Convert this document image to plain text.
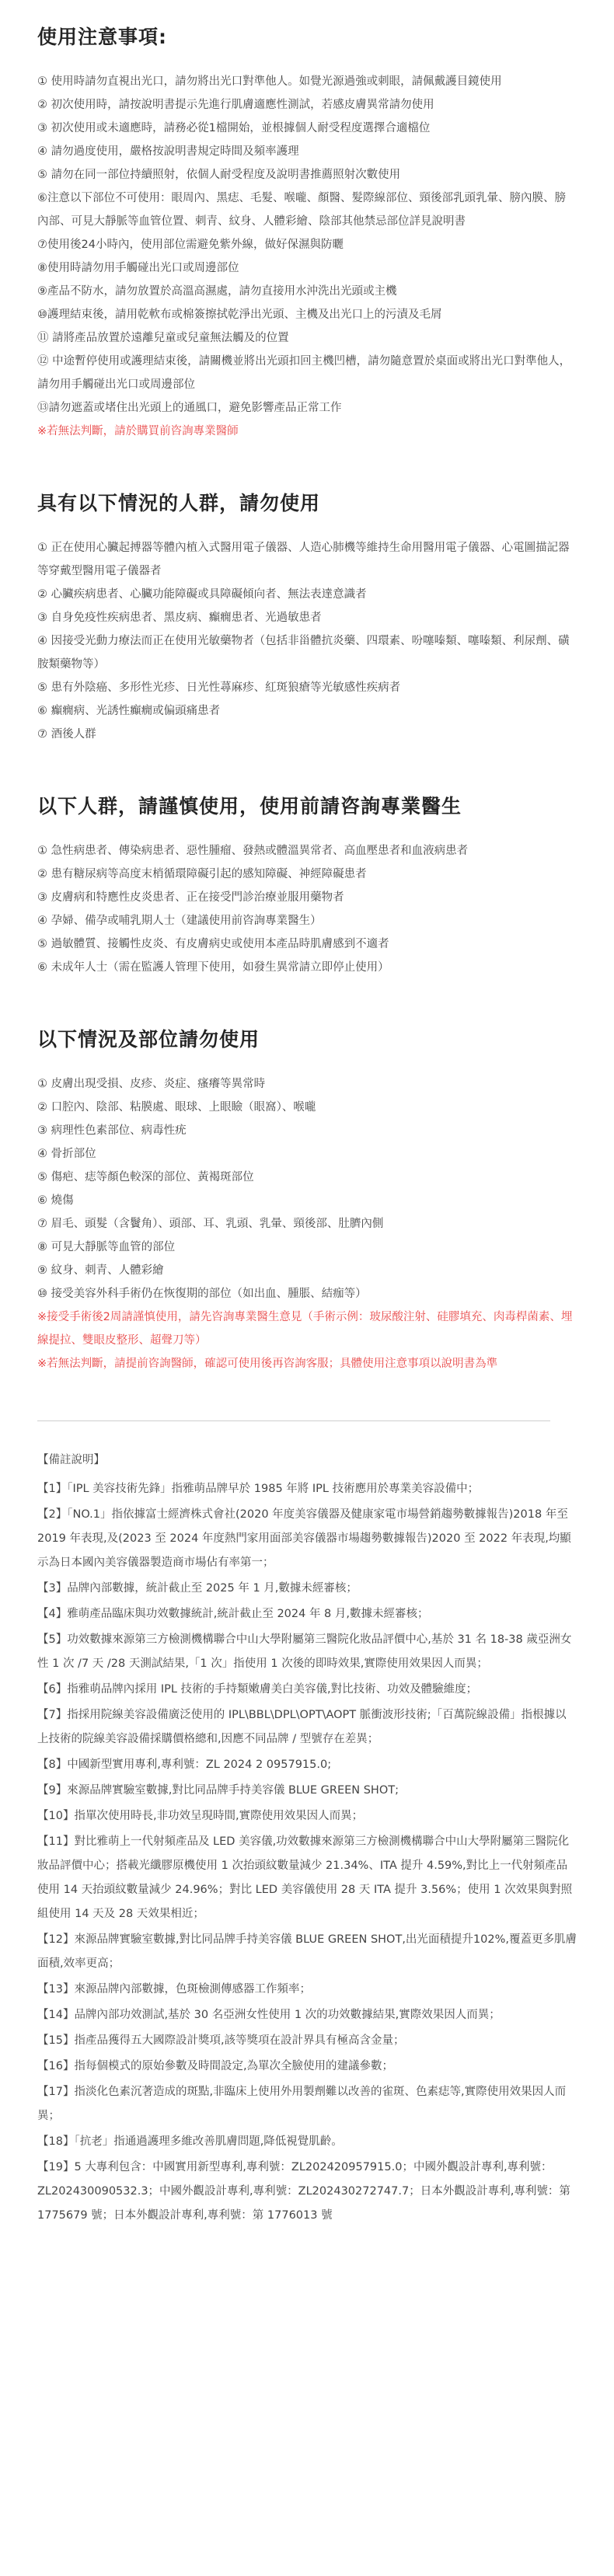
使用注意事項:
① 使用時請勿直視出光口，請勿將出光口對準他人。如覺光源過強或刺眼，請佩戴護目鏡使用
② 初次使用時，請按說明書提示先進行肌膚適應性測試，若感皮膚異常請勿使用
③ 初次使用或未適應時，請務必從1檔開始，並根據個人耐受程度選擇合適檔位
④ 請勿過度使用，嚴格按說明書規定時間及頻率護理
⑤ 請勿在同一部位持續照射，依個人耐受程度及說明書推薦照射次數使用
⑥注意以下部位不可使用：眼周內、黑痣、毛髮、喉嚨、顏醫、髮際線部位、頸後部乳頭乳暈、膀內膜、膀內部、可見大靜脈等血管位置、刺青、紋身、人體彩繪、陰部其他禁忌部位詳見說明書
⑦使用後24小時內，使用部位需避免紫外線，做好保濕與防曬
⑧使用時請勿用手觸碰出光口或周邊部位
⑨產品不防水，請勿放置於高溫高濕處，請勿直接用水沖洗出光頭或主機
⑩護理結束後，請用乾軟布或棉簽擦拭乾淨出光頭、主機及出光口上的污漬及毛屑
⑪ 請將產品放置於遠離兒童或兒童無法觸及的位置
⑫ 中途暫停使用或護理結束後，請關機並將出光頭扣回主機凹槽，請勿隨意置於桌面或將出光口對準他人，請勿用手觸碰出光口或周邊部位
⑬請勿遮蓋或堵住出光頭上的通風口，避免影響產品正常工作
※若無法判斷，請於購買前咨詢專業醫師
具有以下情況的人群，請勿使用
① 正在使用心臟起搏器等體內植入式醫用電子儀器、人造心肺機等維持生命用醫用電子儀器、心電圖描記器等穿戴型醫用電子儀器者
② 心臟疾病患者、心臟功能障礙或具障礙傾向者、無法表達意識者
③ 自身免疫性疾病患者、黑皮病、癲癇患者、光過敏患者
④ 因接受光動力療法而正在使用光敏藥物者（包括非甾體抗炎藥、四環素、吩噻嗪類、噻嗪類、利尿劑、磺胺類藥物等）
⑤ 患有外陰癌、多形性光疹、日光性蕁麻疹、紅斑狼瘡等光敏感性疾病者
⑥ 癲癇病、光誘性癲癇或偏頭痛患者
⑦ 酒後人群
以下人群，請謹慎使用，使用前請咨詢專業醫生
① 急性病患者、傳染病患者、惡性腫瘤、發熱或體溫異常者、高血壓患者和血液病患者
② 患有糖尿病等高度末梢循環障礙引起的感知障礙、神經障礙患者
③ 皮膚病和特應性皮炎患者、正在接受門診治療並服用藥物者
④ 孕婦、備孕或哺乳期人士（建議使用前咨詢專業醫生）
⑤ 過敏體質、接觸性皮炎、有皮膚病史或使用本產品時肌膚感到不適者
⑥ 未成年人士（需在監護人管理下使用，如發生異常請立即停止使用）
以下情況及部位請勿使用
① 皮膚出現受損、皮疹、炎症、瘙癢等異常時
② 口腔內、陰部、粘膜處、眼球、上眼瞼（眼窩）、喉嚨
③ 病理性色素部位、病毒性疣
④ 骨折部位
⑤ 傷疤、痣等顏色較深的部位、黃褐斑部位
⑥ 燒傷
⑦ 眉毛、頭髮（含鬢角）、頭部、耳、乳頭、乳暈、頸後部、肚臍內側
⑧ 可見大靜脈等血管的部位
⑨ 紋身、刺青、人體彩繪
⑩ 接受美容外科手術仍在恢復期的部位（如出血、腫脹、結痂等）
※接受手術後2周請謹慎使用，請先咨詢專業醫生意見（手術示例：玻尿酸注射、硅膠填充、肉毒桿菌素、埋線提拉、雙眼皮整形、超聲刀等）
※若無法判斷，請提前咨詢醫師，確認可使用後再咨詢客服；具體使用注意事項以說明書為準
【備註說明】
【1】「IPL 美容技術先鋒」指雅萌品牌早於 1985 年將 IPL 技術應用於專業美容設備中；
【2】「NO.1」指依據富士經濟株式會社(2020 年度美容儀器及健康家電市場營銷趨勢數據報告)2018 年至 2019 年表現,及(2023 至 2024 年度熱門家用面部美容儀器市場趨勢數據報告)2020 至 2022 年表現,均顯示為日本國內美容儀器製造商市場佔有率第一；
【3】品牌內部數據，統計截止至 2025 年 1 月,數據未經審核；
【4】雅萌產品臨床與功效數據統計,統計截止至 2024 年 8 月,數據未經審核；
【5】功效數據來源第三方檢測機構聯合中山大學附屬第三醫院化妝品評價中心,基於 31 名 18-38 歲亞洲女性 1 次 /7 天 /28 天測試結果,「1 次」指使用 1 次後的即時效果,實際使用效果因人而異；
【6】指雅萌品牌內採用 IPL 技術的手持類嫩膚美白美容儀,對比技術、功效及體驗維度；
【7】指採用院線美容設備廣泛使用的 IPL\BBL\DPL\OPT\AOPT 脈衝波形技術;「百萬院線設備」指根據以上技術的院線美容設備採購價格總和,因應不同品牌 / 型號存在差異；
【8】中國新型實用專利,專利號：ZL 2024 2 0957915.0;
【9】來源品牌實驗室數據,對比同品牌手持美容儀 BLUE GREEN SHOT;
【10】指單次使用時長,非功效呈現時間,實際使用效果因人而異；
【11】對比雅萌上一代射頻產品及 LED 美容儀,功效數據來源第三方檢測機構聯合中山大學附屬第三醫院化妝品評價中心；搭載光纖膠原機使用 1 次抬頭紋數量減少 21.34%、ITA 提升 4.59%,對比上一代射頻產品使用 14 天抬頭紋數量減少 24.96%；對比 LED 美容儀使用 28 天 ITA 提升 3.56%；使用 1 次效果與對照組使用 14 天及 28 天效果相近；
【12】來源品牌實驗室數據,對比同品牌手持美容儀 BLUE GREEN SHOT,出光面積提升102%,覆蓋更多肌膚面積,效率更高；
【13】來源品牌內部數據，色斑檢測傳感器工作頻率；
【14】品牌內部功效測試,基於 30 名亞洲女性使用 1 次的功效數據結果,實際效果因人而異；
【15】指產品獲得五大國際設計獎項,該等獎項在設計界具有極高含金量；
【16】指每個模式的原始參數及時間設定,為單次全臉使用的建議參數；
【17】指淡化色素沉著造成的斑點,非臨床上使用外用製劑難以改善的雀斑、色素痣等,實際使用效果因人而異；
【18】「抗老」指通過護理多維改善肌膚問題,降低視覺肌齡。
【19】5 大專利包含：中國實用新型專利,專利號：ZL202420957915.0；中國外觀設計專利,專利號：ZL202430090532.3；中國外觀設計專利,專利號：ZL202430272747.7；日本外觀設計專利,專利號：第 1775679 號；日本外觀設計專利,專利號：第 1776013 號
